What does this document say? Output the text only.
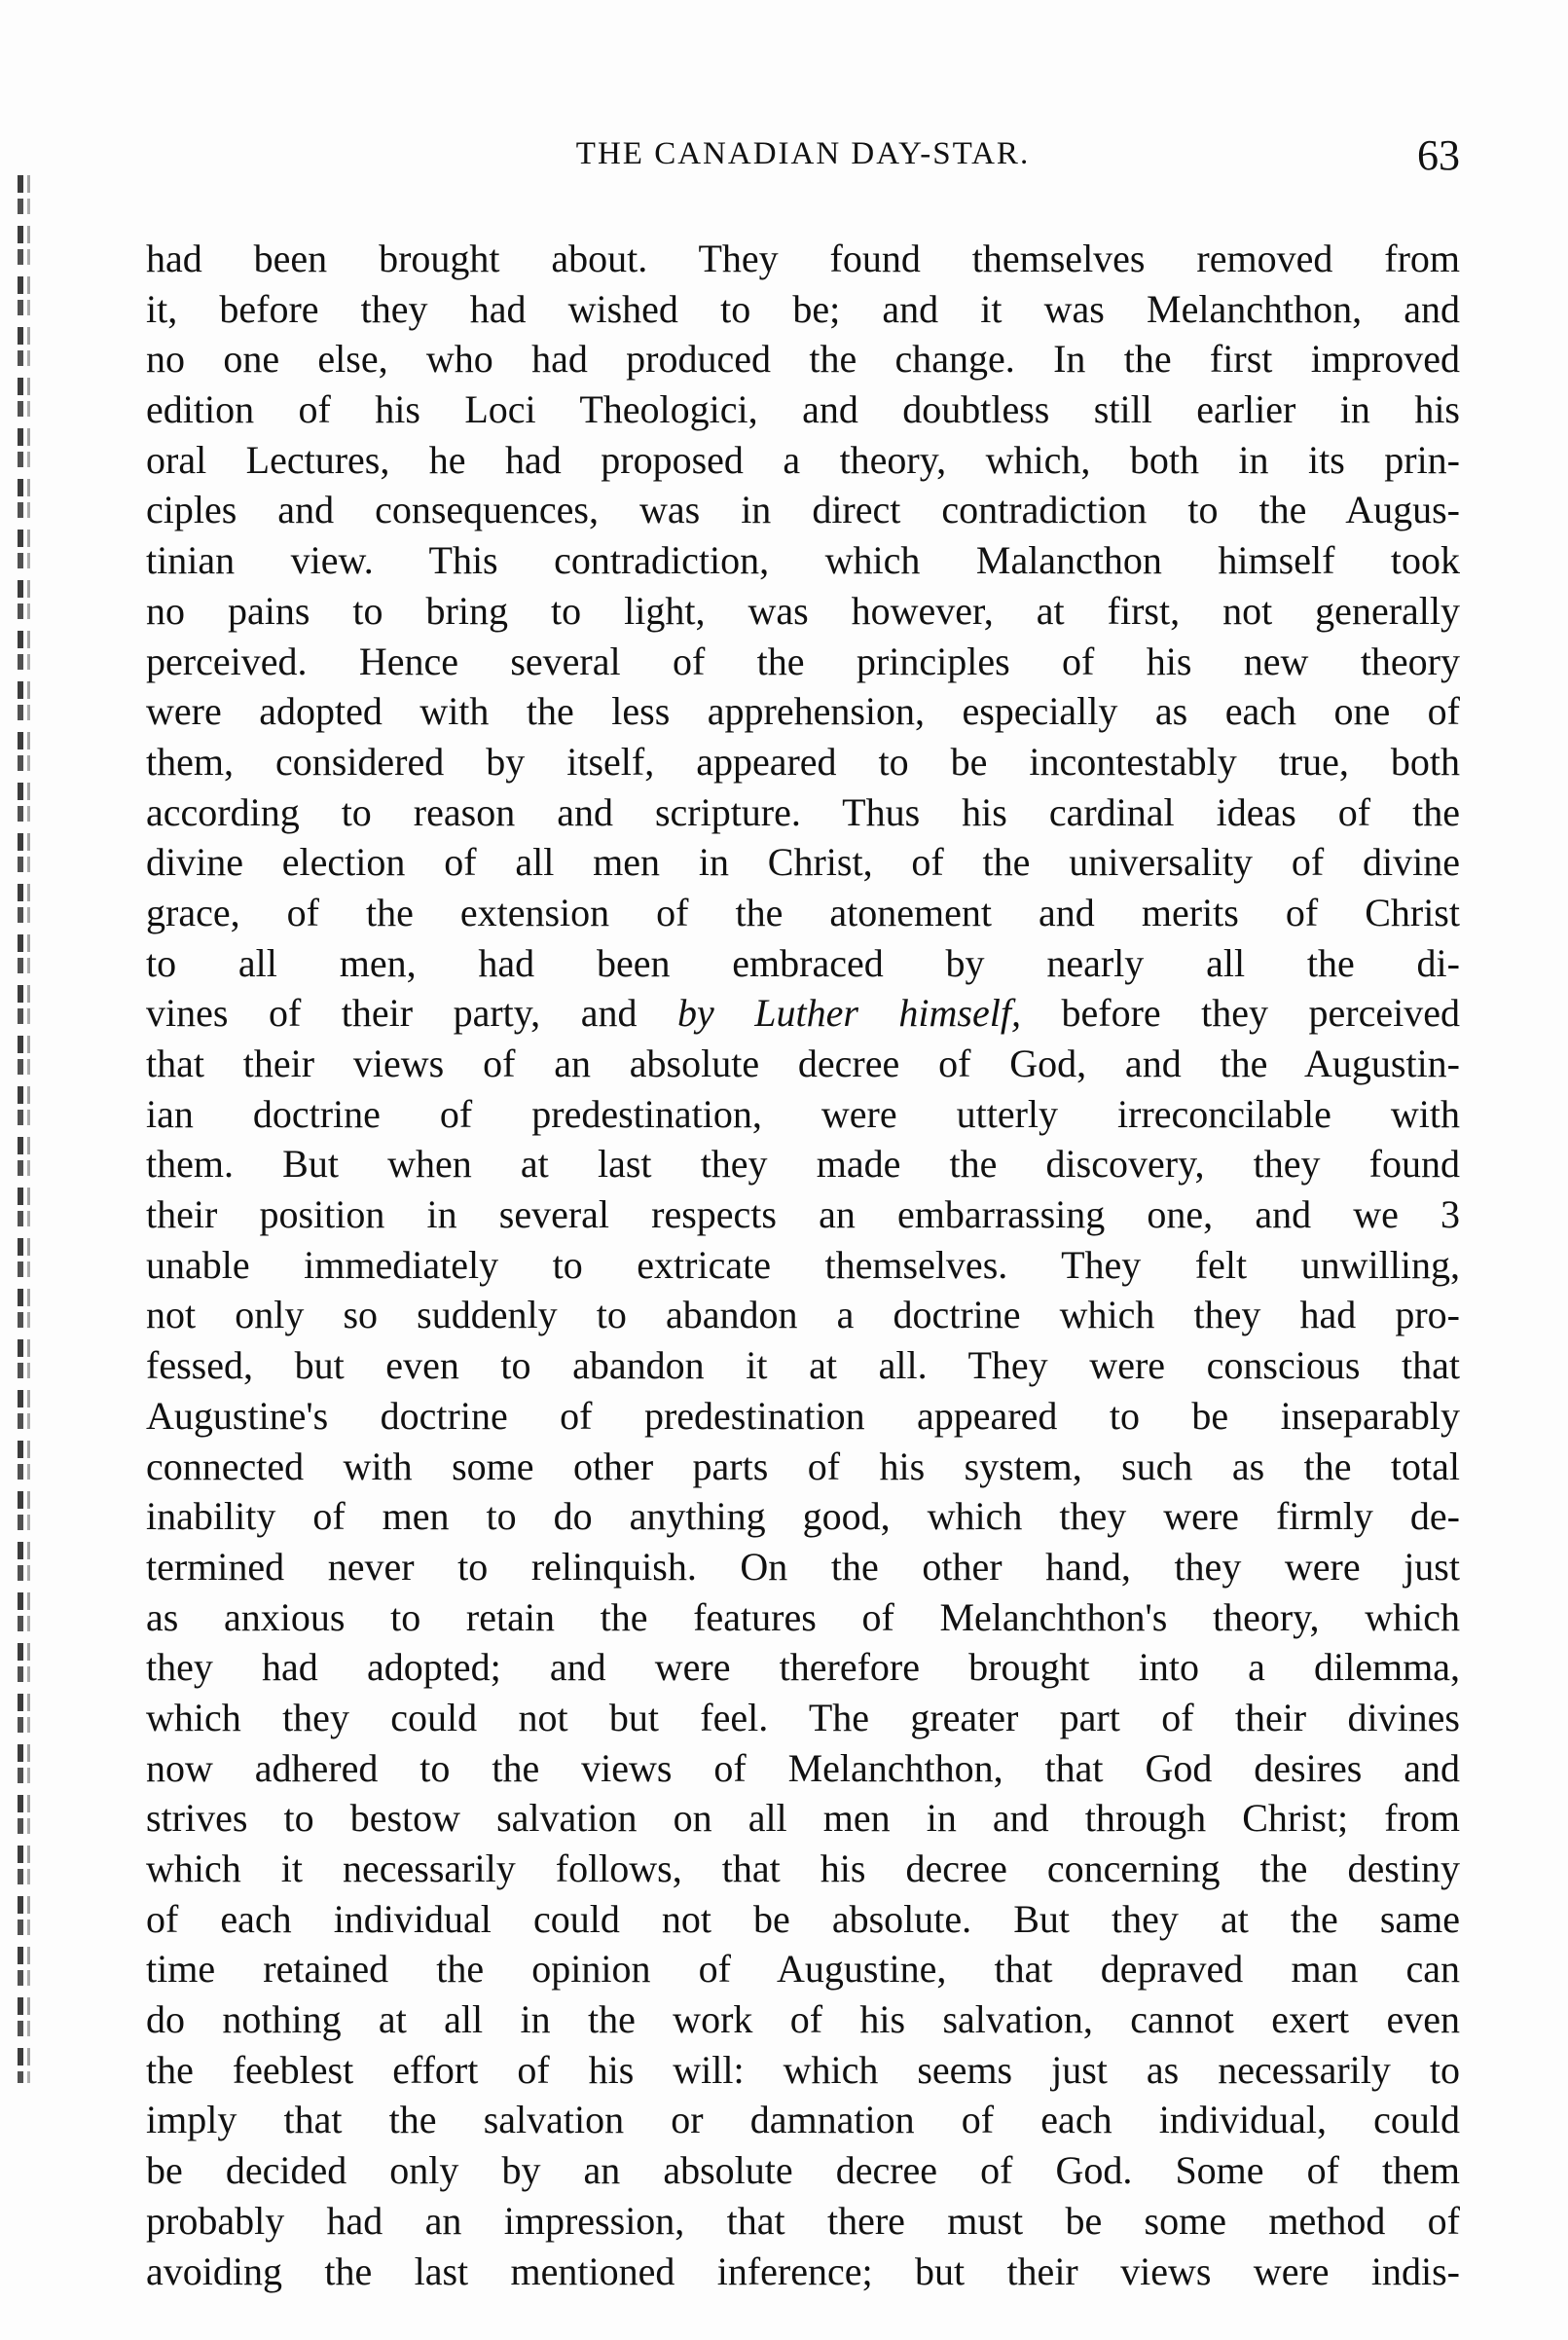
THE CANADIAN DAY-STAR.	63
had been brought about. They found themselves removed from
it, before they had wished to be; and it was Melanchthon, and
no one else, who had produced the change. In the first improved
edition of his Loci Theologici, and doubtless still earlier in his
oral Lectures, he had proposed a theory, which, both in its prin-
ciples and consequences, was in direct contradiction to the Augus-
tinian view. This contradiction, which Malancthon himself took
no pains to bring to light, was however, at first, not generally
perceived. Hence several of the principles of his new theory
were adopted with the less apprehension, especially as each one of
them, considered by itself, appeared to be incontestably true, both
according to reason and scripture. Thus his cardinal ideas of the
divine election of all men in Christ, of the universality of divine
grace, of the extension of the atonement and merits of Christ
to all men, had been embraced by nearly all the di-
vines of their party, and by Luther himself, before they perceived
that their views of an absolute decree of God, and the Augustin-
ian doctrine of predestination, were utterly irreconcilable with
them. But when at last they made the discovery, they found
their position in several respects an embarrassing one, and we 3
unable immediately to extricate themselves. They felt unwilling,
not only so suddenly to abandon a doctrine which they had pro-
fessed, but even to abandon it at all. They were conscious that
Augustine's doctrine of predestination appeared to be inseparably
connected with some other parts of his system, such as the total
inability of men to do anything good, which they were firmly de-
termined never to relinquish. On the other hand, they were just
as anxious to retain the features of Melanchthon's theory, which
they had adopted; and were therefore brought into a dilemma,
which they could not but feel. The greater part of their divines
now adhered to the views of Melanchthon, that God desires and
strives to bestow salvation on all men in and through Christ; from
which it necessarily follows, that his decree concerning the destiny
of each individual could not be absolute. But they at the same
time retained the opinion of Augustine, that depraved man can
do nothing at all in the work of his salvation, cannot exert even
the feeblest effort of his will: which seems just as necessarily to
imply that the salvation or damnation of each individual, could
be decided only by an absolute decree of God. Some of them
probably had an impression, that there must be some method of
avoiding the last mentioned inference; but their views were indis-
